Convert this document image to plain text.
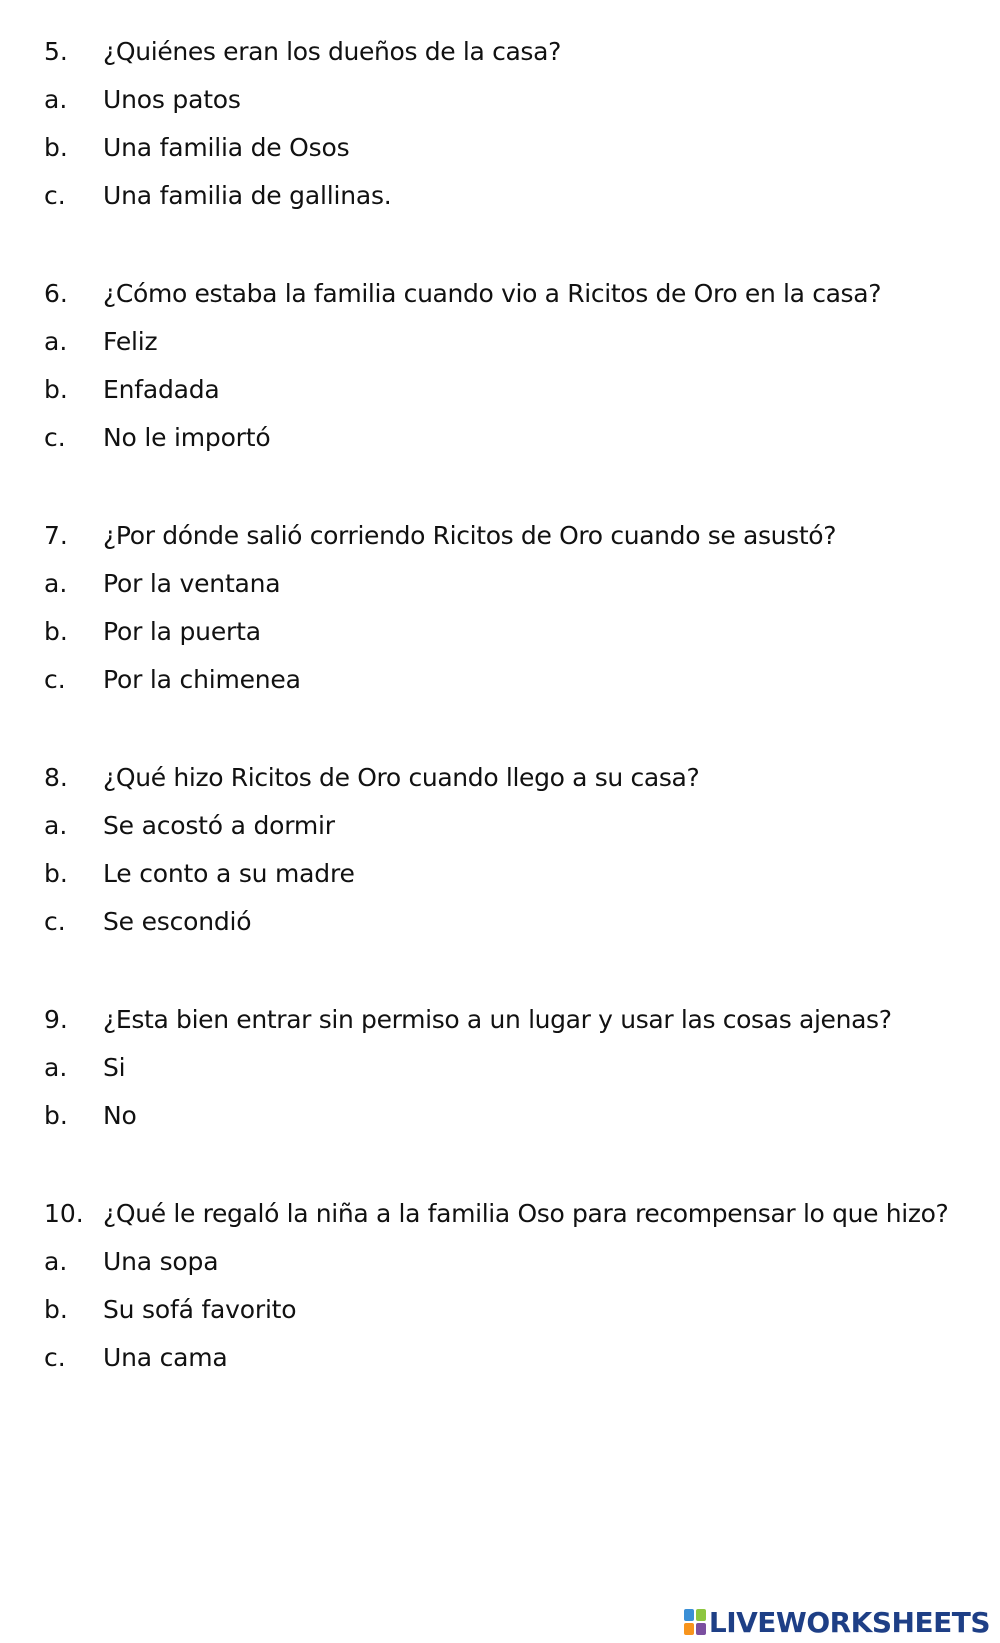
5. ¿Quiénes eran los dueños de la casa?
a. Unos patos
b. Una familia de Osos
c. Una familia de gallinas.
6. ¿Cómo estaba la familia cuando vio a Ricitos de Oro en la casa?
a. Feliz
b. Enfadada
c. No le importó
7. ¿Por dónde salió corriendo Ricitos de Oro cuando se asustó?
a. Por la ventana
b. Por la puerta
c. Por la chimenea
8. ¿Qué hizo Ricitos de Oro cuando llego a su casa?
a. Se acostó a dormir
b. Le conto a su madre
c. Se escondió
9. ¿Esta bien entrar sin permiso a un lugar y usar las cosas ajenas?
a. Si
b. No
10. ¿Qué le regaló la niña a la familia Oso para recompensar lo que hizo?
a. Una sopa
b. Su sofá favorito
c. Una cama
LIVEWORKSHEETS
